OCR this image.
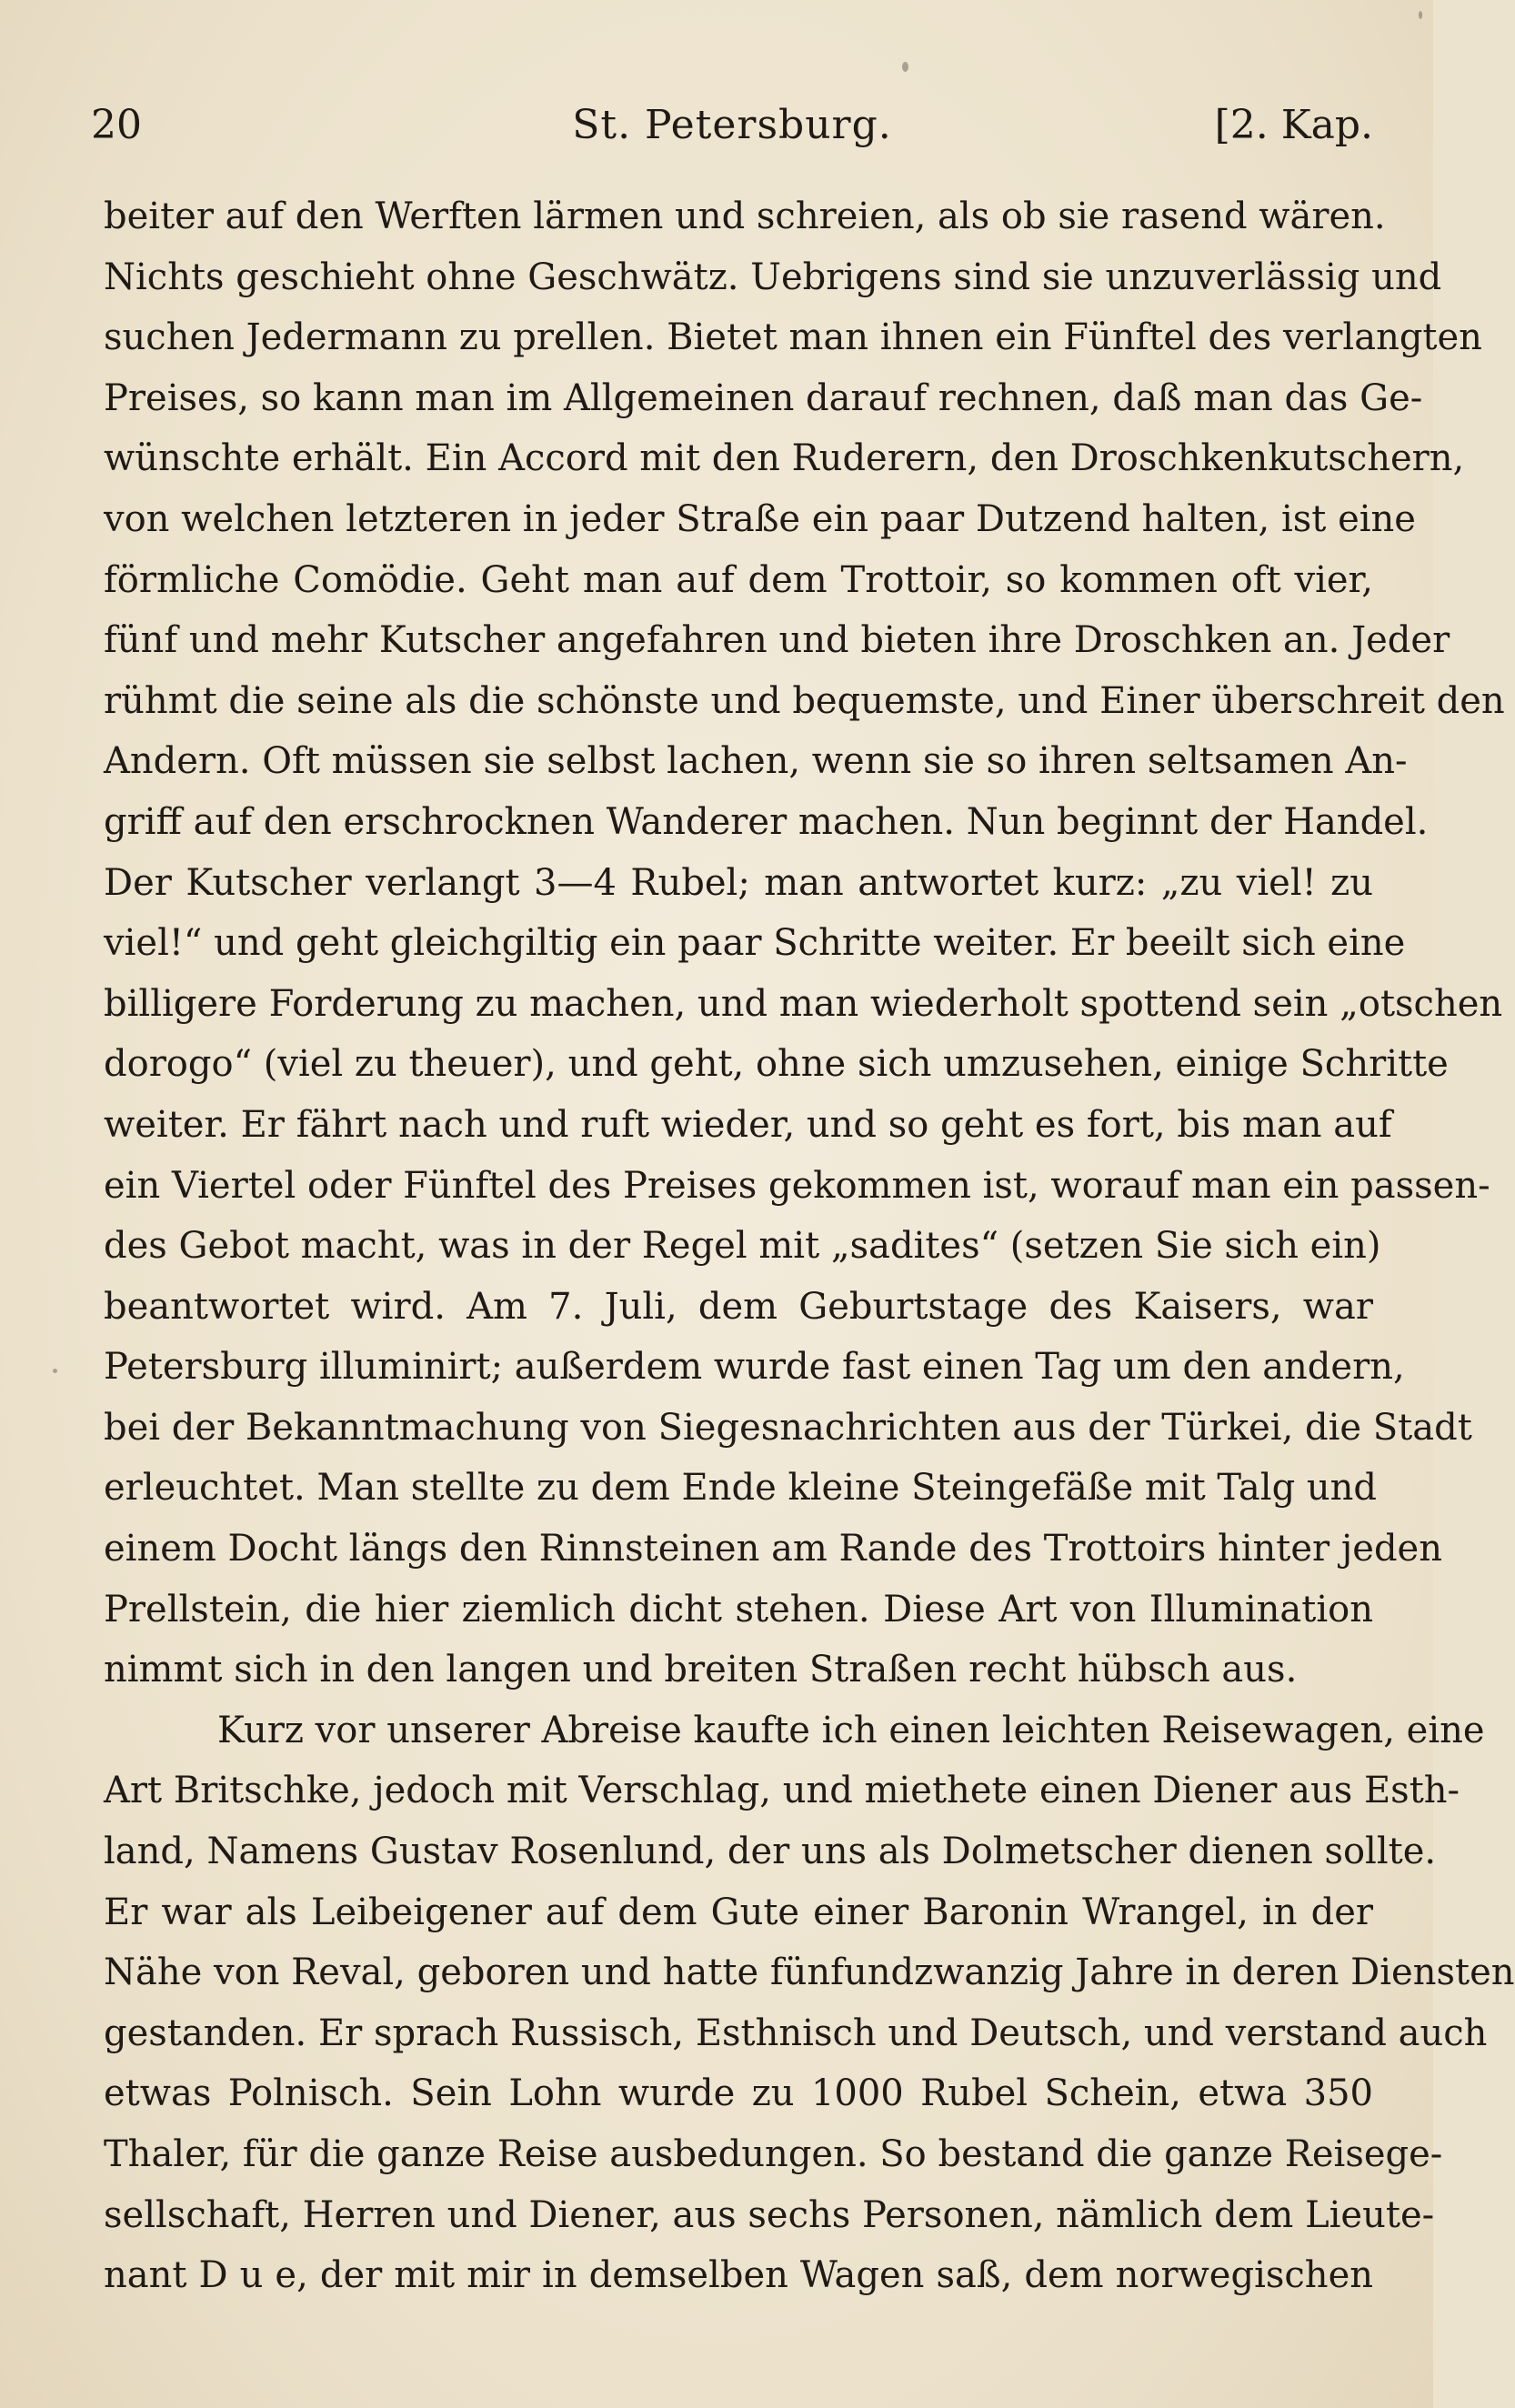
20	St. Petersburg.	[2. Kap.
beiter auf den Werften lärmen und schreien, als ob sie rasend wären.
Nichts geschieht ohne Geschwätz. Uebrigens sind sie unzuverlässig und
suchen Jedermann zu prellen. Bietet man ihnen ein Fünftel des verlangten
Preises, so kann man im Allgemeinen darauf rechnen, daß man das Ge-
wünschte erhält. Ein Accord mit den Ruderern, den Droschkenkutschern,
von welchen letzteren in jeder Straße ein paar Dutzend halten, ist eine
förmliche Comödie. Geht man auf dem Trottoir, so kommen oft vier,
fünf und mehr Kutscher angefahren und bieten ihre Droschken an. Jeder
rühmt die seine als die schönste und bequemste, und Einer überschreit den
Andern. Oft müssen sie selbst lachen, wenn sie so ihren seltsamen An-
griff auf den erschrocknen Wanderer machen. Nun beginnt der Handel.
Der Kutscher verlangt 3—4 Rubel; man antwortet kurz: „zu viel! zu
viel!“ und geht gleichgiltig ein paar Schritte weiter. Er beeilt sich eine
billigere Forderung zu machen, und man wiederholt spottend sein „otschen
dorogo“ (viel zu theuer), und geht, ohne sich umzusehen, einige Schritte
weiter. Er fährt nach und ruft wieder, und so geht es fort, bis man auf
ein Viertel oder Fünftel des Preises gekommen ist, worauf man ein passen-
des Gebot macht, was in der Regel mit „sadites“ (setzen Sie sich ein)
beantwortet wird. Am 7. Juli, dem Geburtstage des Kaisers, war
Petersburg illuminirt; außerdem wurde fast einen Tag um den andern,
bei der Bekanntmachung von Siegesnachrichten aus der Türkei, die Stadt
erleuchtet. Man stellte zu dem Ende kleine Steingefäße mit Talg und
einem Docht längs den Rinnsteinen am Rande des Trottoirs hinter jeden
Prellstein, die hier ziemlich dicht stehen. Diese Art von Illumination
nimmt sich in den langen und breiten Straßen recht hübsch aus.
Kurz vor unserer Abreise kaufte ich einen leichten Reisewagen, eine
Art Britschke, jedoch mit Verschlag, und miethete einen Diener aus Esth-
land, Namens Gustav Rosenlund, der uns als Dolmetscher dienen sollte.
Er war als Leibeigener auf dem Gute einer Baronin Wrangel, in der
Nähe von Reval, geboren und hatte fünfundzwanzig Jahre in deren Diensten
gestanden. Er sprach Russisch, Esthnisch und Deutsch, und verstand auch
etwas Polnisch. Sein Lohn wurde zu 1000 Rubel Schein, etwa 350
Thaler, für die ganze Reise ausbedungen. So bestand die ganze Reisege-
sellschaft, Herren und Diener, aus sechs Personen, nämlich dem Lieute-
nant D u e, der mit mir in demselben Wagen saß, dem norwegischen
